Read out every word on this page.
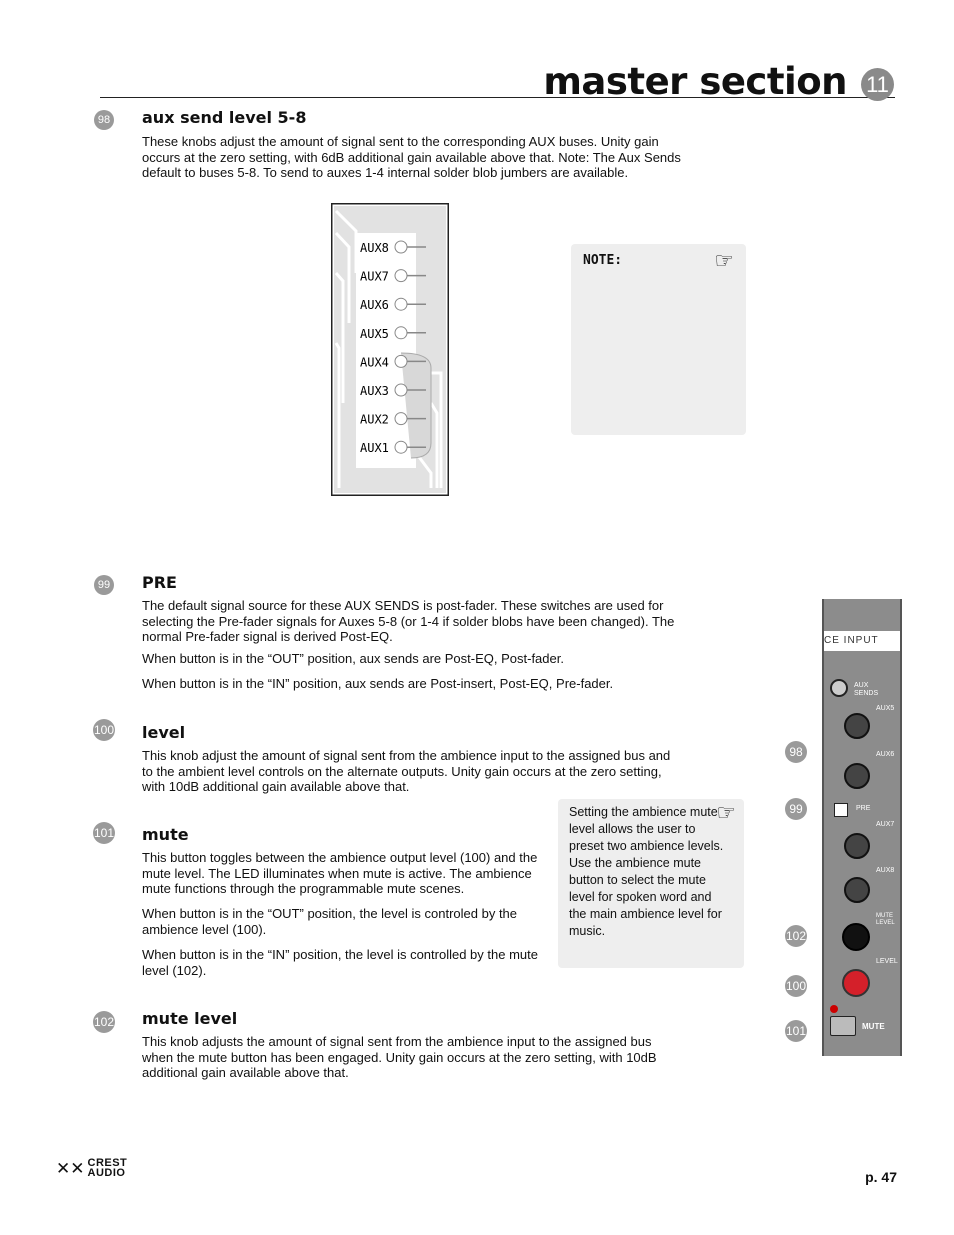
master section 11
98 aux send level 5-8

These knobs adjust the amount of signal sent to the corresponding AUX buses. Unity gain occurs at the zero setting, with 6dB additional gain available above that. Note: The Aux Sends default to buses 5-8. To send to auxes 1-4 internal solder blob jumbers are available.

AUX8
AUX7
AUX6
AUX5
AUX4
AUX3
AUX2
AUX1
NOTE:	☞
99 PRE

The default signal source for these AUX SENDS is post-fader. These switches are used for selecting the Pre-fader signals for Auxes 5-8 (or 1-4 if solder blobs have been changed). The normal Pre-fader signal is derived Post-EQ.

When button is in the “OUT” position, aux sends are Post-EQ, Post-fader.

When button is in the “IN” position, aux sends are Post-insert, Post-EQ, Pre-fader.

100 level

This knob adjust the amount of signal sent from the ambience input to the assigned bus and to the ambient level controls on the alternate outputs. Unity gain occurs at the zero setting, with 10dB additional gain available above that.

Setting the ambience mute level allows the user to preset two ambience levels. Use the ambience mute button to select the mute level for spoken word and the main ambience level for music.
☞
101 mute

This button toggles between the ambience output level (100) and the mute level. The LED illuminates when mute is active. The ambience mute functions through the programmable mute scenes.

When button is in the “OUT” position, the level is controled by the ambience level (100).

When button is in the “IN” position, the level is controlled by the mute level (102).

102 mute level

This knob adjusts the amount of signal sent from the ambience input to the assigned bus when the mute button has been engaged. Unity gain occurs at the zero setting, with 10dB additional gain available above that.

CE INPUT
AUX SENDS
AUX5
AUX6
PRE
AUX7
AUX8
MUTE LEVEL
LEVEL
MUTE
98
99
102
100
101
✕✕ CREST
AUDIO	p. 47
